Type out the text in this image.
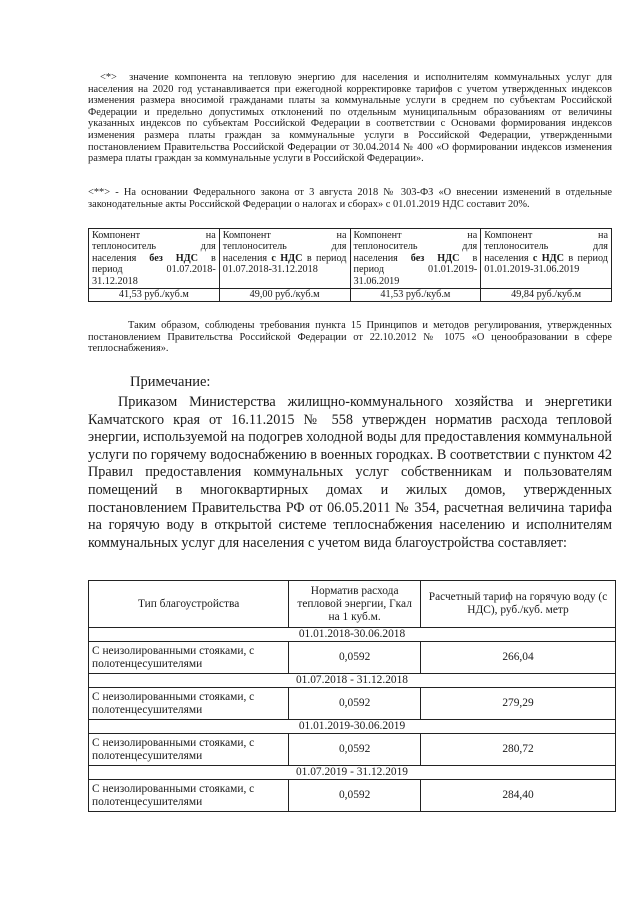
<*> значение компонента на тепловую энергию для населения и исполнителям коммунальных услуг для населения на 2020 год устанавливается при ежегодной корректировке тарифов с учетом утвержденных индексов изменения размера вносимой гражданами платы за коммунальные услуги в среднем по субъектам Российской Федерации и предельно допустимых отклонений по отдельным муниципальным образованиям от величины указанных индексов по субъектам Российской Федерации в соответствии с Основами формирования индексов изменения размера платы граждан за коммунальные услуги в Российской Федерации, утвержденными постановлением Правительства Российской Федерации от 30.04.2014 № 400 «О формировании индексов изменения размера платы граждан за коммунальные услуги в Российской Федерации».

<**> - На основании Федерального закона от 3 августа 2018 № 303-ФЗ «О внесении изменений в отдельные законодательные акты Российской Федерации о налогах и сборах» с 01.01.2019 НДС составит 20%.

Компонент на теплоноситель для населения без НДС в период 01.07.2018-31.12.2018	Компонент на теплоноситель для населения с НДС в период 01.07.2018-31.12.2018	Компонент на теплоноситель для населения без НДС в период 01.01.2019-31.06.2019	Компонент на теплоноситель для населения с НДС в период 01.01.2019-31.06.2019
41,53 руб./куб.м	49,00 руб./куб.м	41,53 руб./куб.м	49,84 руб./куб.м

Таким образом, соблюдены требования пункта 15 Принципов и методов регулирования, утвержденных постановлением Правительства Российской Федерации от 22.10.2012 № 1075 «О ценообразовании в сфере теплоснабжения».

Примечание:

Приказом Министерства жилищно-коммунального хозяйства и энергетики Камчатского края от 16.11.2015 № 558 утвержден норматив расхода тепловой энергии, используемой на подогрев холодной воды для предоставления коммунальной услуги по горячему водоснабжению в военных городках. В соответствии с пунктом 42 Правил предоставления коммунальных услуг собственникам и пользователям помещений в многоквартирных домах и жилых домов, утвержденных постановлением Правительства РФ от 06.05.2011 № 354, расчетная величина тарифа на горячую воду в открытой системе теплоснабжения населению и исполнителям коммунальных услуг для населения с учетом вида благоустройства составляет:

Тип благоустройства	Норматив расхода тепловой энергии, Гкал на 1 куб.м.	Расчетный тариф на горячую воду (с НДС), руб./куб. метр
01.01.2018-30.06.2018		
С неизолированными стояками, с полотенцесушителями	0,0592	266,04
01.07.2018 - 31.12.2018		
С неизолированными стояками, с полотенцесушителями	0,0592	279,29
01.01.2019-30.06.2019		
С неизолированными стояками, с полотенцесушителями	0,0592	280,72
01.07.2019 - 31.12.2019		
С неизолированными стояками, с полотенцесушителями	0,0592	284,40
